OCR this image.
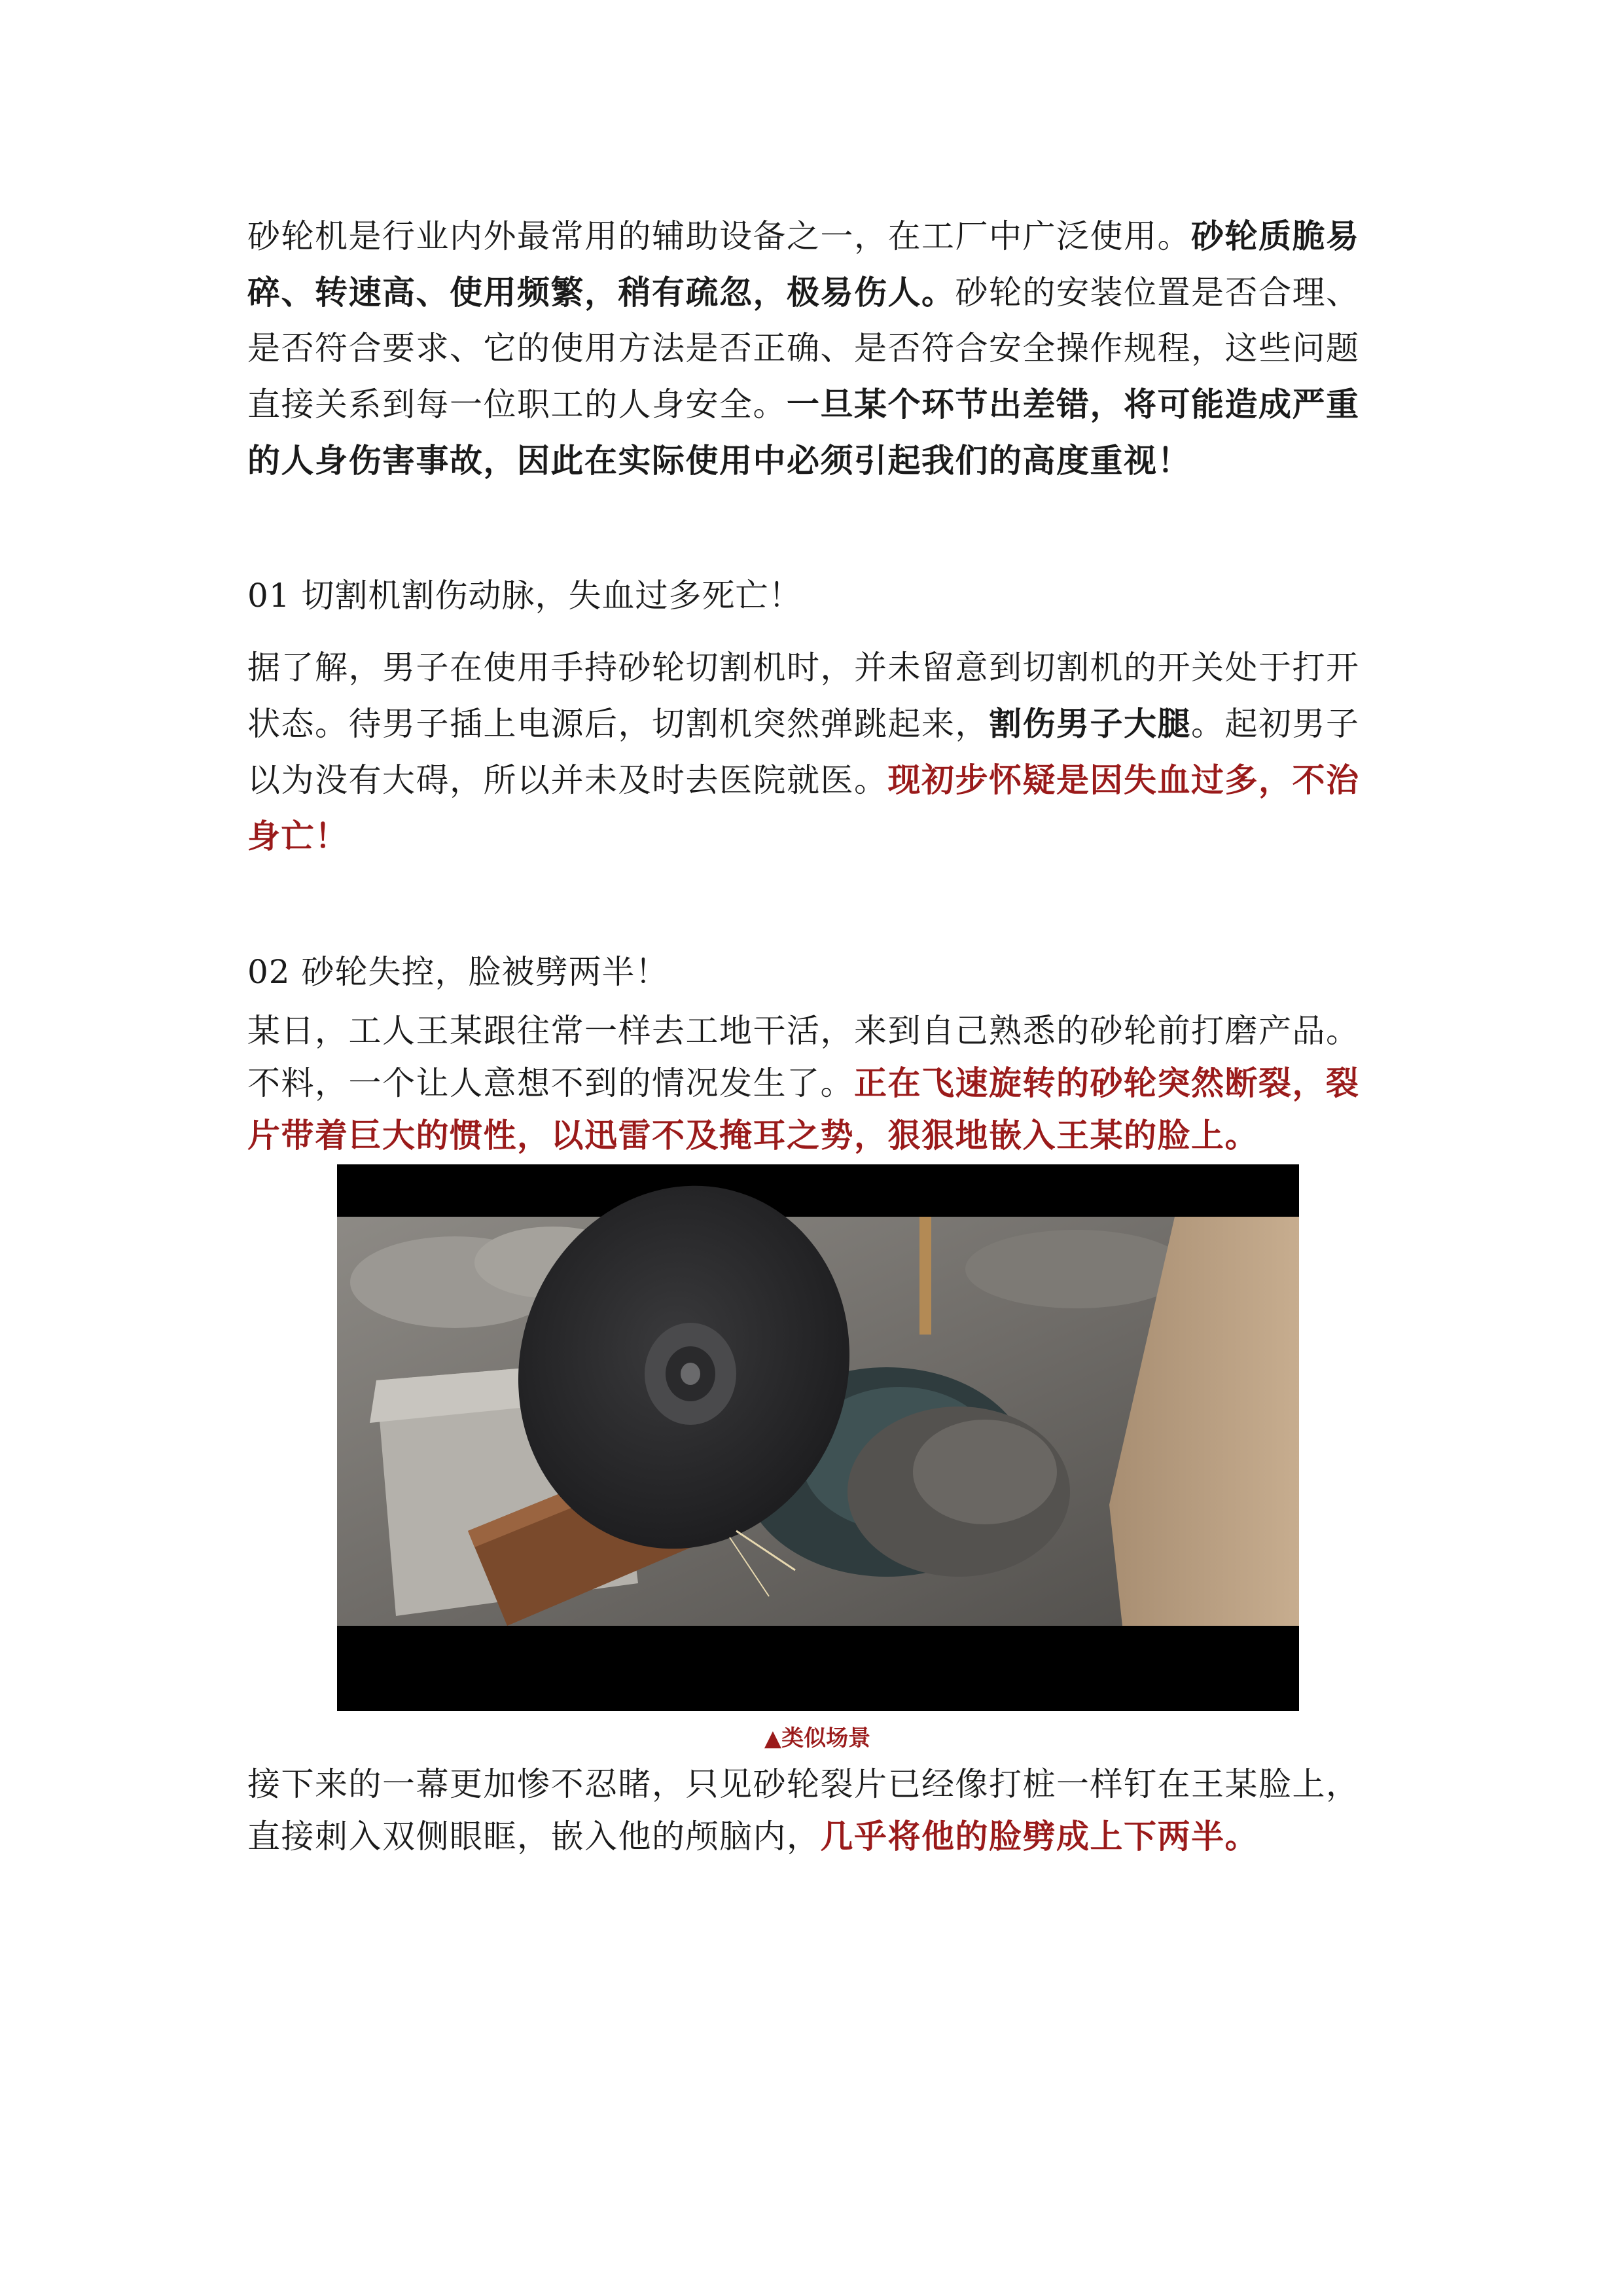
砂轮机是行业内外最常用的辅助设备之一，在工厂中广泛使用。砂轮质脆易碎、转速高、使用频繁，稍有疏忽，极易伤人。砂轮的安装位置是否合理、是否符合要求、它的使用方法是否正确、是否符合安全操作规程，这些问题直接关系到每一位职工的人身安全。一旦某个环节出差错，将可能造成严重的人身伤害事故，因此在实际使用中必须引起我们的高度重视！

01 切割机割伤动脉，失血过多死亡！

据了解，男子在使用手持砂轮切割机时，并未留意到切割机的开关处于打开状态。待男子插上电源后，切割机突然弹跳起来，割伤男子大腿。起初男子以为没有大碍，所以并未及时去医院就医。现初步怀疑是因失血过多，不治身亡！

02 砂轮失控，脸被劈两半！

某日，工人王某跟往常一样去工地干活，来到自己熟悉的砂轮前打磨产品。不料，一个让人意想不到的情况发生了。正在飞速旋转的砂轮突然断裂，裂片带着巨大的惯性，以迅雷不及掩耳之势，狠狠地嵌入王某的脸上。

▲类似场景

接下来的一幕更加惨不忍睹，只见砂轮裂片已经像打桩一样钉在王某脸上，直接刺入双侧眼眶，嵌入他的颅脑内，几乎将他的脸劈成上下两半。
